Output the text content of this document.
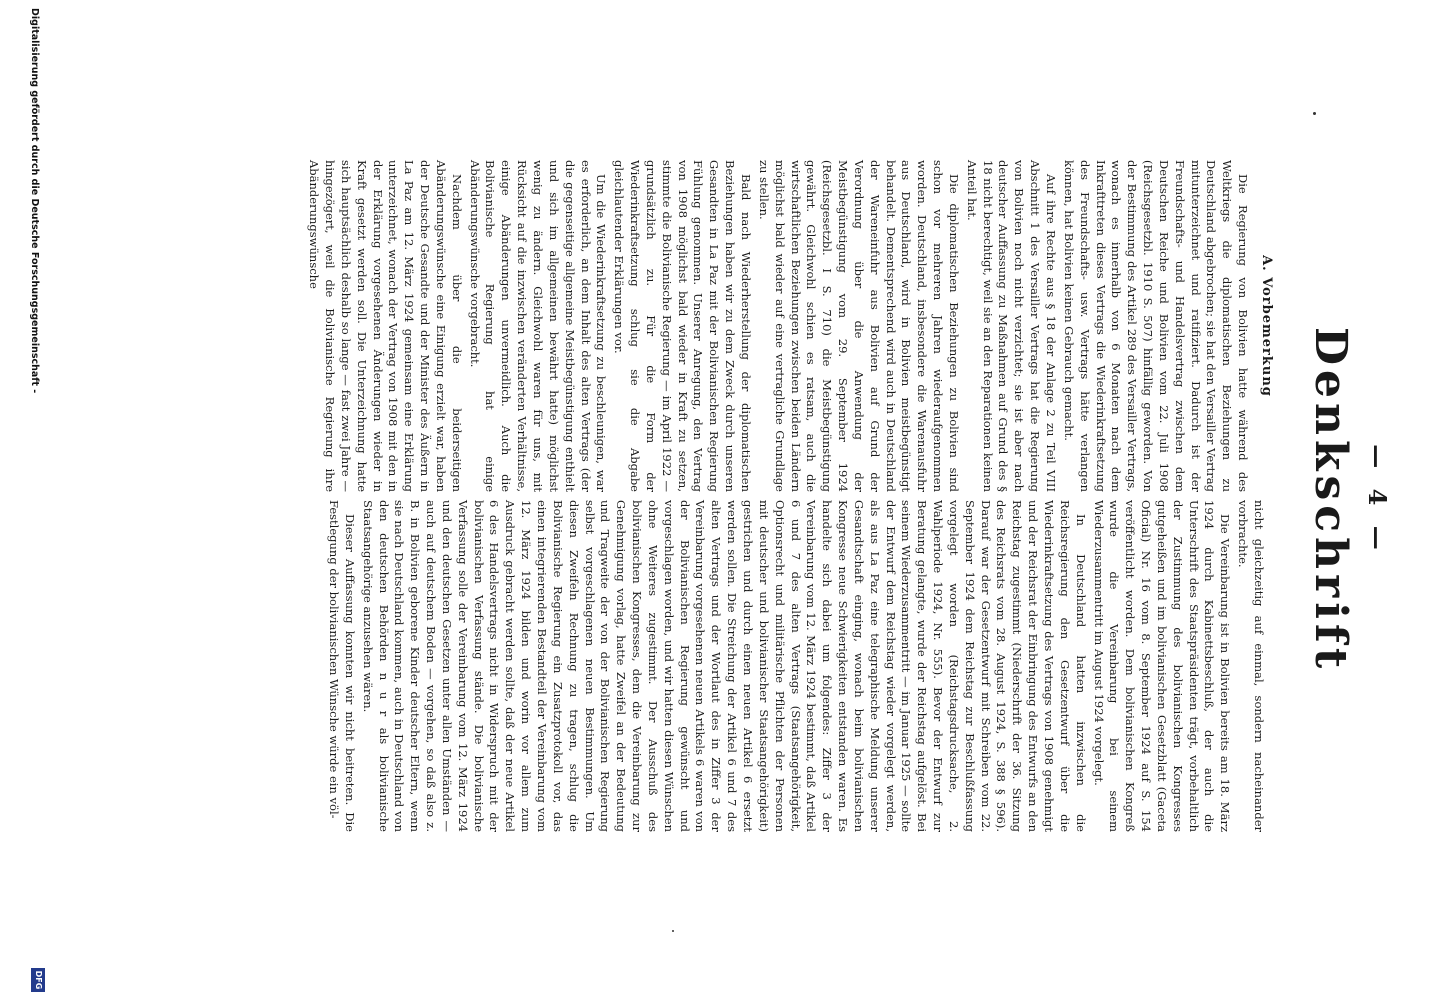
— 4 —
Denkschrift
A. Vorbemerkung

Die Regierung von Bolivien hatte während des Weltkriegs die diplomatischen Beziehungen zu Deutschland abgebrochen; sie hat den Versailler Vertrag mitunterzeichnet und ratifiziert. Dadurch ist der Freundschafts- und Handelsvertrag zwischen dem Deutschen Reiche und Bolivien vom 22. Juli 1908 (Reichsgesetzbl. 1910 S. 507) hinfällig geworden. Von der Bestimmung des Artikel 289 des Versailler Vertrags, wonach es innerhalb von 6 Monaten nach dem Inkrafttreten dieses Vertrags die Wiederinkraftsetzung des Freundschafts- usw. Vertrags hätte verlangen können, hat Bolivien keinen Gebrauch gemacht.

Auf ihre Rechte aus § 18 der Anlage 2 zu Teil VIII Abschnitt 1 des Versailler Vertrags hat die Regierung von Bolivien noch nicht verzichtet; sie ist aber nach deutscher Auffassung zu Maßnahmen auf Grund des § 18 nicht berechtigt, weil sie an den Reparationen keinen Anteil hat.

Die diplomatischen Beziehungen zu Bolivien sind schon vor mehreren Jahren wiederaufgenommen worden. Deutschland, insbesondere die Warenausfuhr aus Deutschland, wird in Bolivien meistbegünstigt behandelt. Dementsprechend wird auch in Deutschland der Wareneinfuhr aus Bolivien auf Grund der Verordnung über die Anwendung der Meistbegünstigung vom 29. September 1924 (Reichsgesetzbl. I S. 710) die Meistbegünstigung gewährt. Gleichwohl schien es ratsam, auch die wirtschaftlichen Beziehungen zwischen beiden Ländern möglichst bald wieder auf eine vertragliche Grundlage zu stellen.

Bald nach Wiederherstellung der diplomatischen Beziehungen haben wir zu dem Zweck durch unseren Gesandten in La Paz mit der Bolivianischen Regierung Fühlung genommen. Unserer Anregung, den Vertrag von 1908 möglichst bald wieder in Kraft zu setzen, stimmte die Bolivianische Regierung — im April 1922 — grundsätzlich zu. Für die Form der Wiederinkraftsetzung schlug sie die Abgabe gleichlautender Erklärungen vor.

Um die Wiederinkraftsetzung zu beschleunigen, war es erforderlich, an dem Inhalt des alten Vertrags (der die gegenseitige allgemeine Meistbegünstigung enthielt und sich im allgemeinen bewährt hatte) möglichst wenig zu ändern. Gleichwohl waren für uns, mit Rücksicht auf die inzwischen veränderten Verhältnisse, einige Abänderungen unvermeidlich. Auch die Bolivianische Regierung hat einige Abänderungswünsche vorgebracht.

Nachdem über die beiderseitigen Abänderungswünsche eine Einigung erzielt war, haben der Deutsche Gesandte und der Minister des Äußern in La Paz am 12. März 1924 gemeinsam eine Erklärung unterzeichnet, wonach der Vertrag von 1908 mit den in der Erklärung vorgesehenen Änderungen wieder in Kraft gesetzt werden soll. Die Unterzeichnung hatte sich hauptsächlich deshalb so lange — fast zwei Jahre — hingezögert, weil die Bolivianische Regierung ihre Abänderungswünsche

nicht gleichzeitig auf einmal, sondern nacheinander vorbrachte.

Die Vereinbarung ist in Bolivien bereits am 18. März 1924 durch Kabinettsbeschluß, der auch die Unterschrift des Staatspräsidenten trägt, vorbehaltlich der Zustimmung des bolivianischen Kongresses gutgeheißen und im bolivianischen Gesetzblatt (Gaceta Oficial) Nr. 16 vom 8. September 1924 auf S. 154 veröffentlicht worden. Dem bolivianischen Kongreß wurde die Vereinbarung bei seinem Wiederzusammentritt im August 1924 vorgelegt.

In Deutschland hatten inzwischen die Reichsregierung den Gesetzentwurf über die Wiederinkraftsetzung des Vertrags von 1908 genehmigt und der Reichsrat der Einbringung des Entwurfs an den Reichstag zugestimmt (Niederschrift der 36. Sitzung des Reichsrats vom 28. August 1924, S. 388 § 596). Darauf war der Gesetzentwurf mit Schreiben vom 22. September 1924 dem Reichstag zur Beschlußfassung vorgelegt worden (Reichstagsdrucksache, 2. Wahlperiode 1924, Nr. 555). Bevor der Entwurf zur Beratung gelangte, wurde der Reichstag aufgelöst. Bei seinem Wiederzusammentritt — im Januar 1925 — sollte der Entwurf dem Reichstag wieder vorgelegt werden, als aus La Paz eine telegraphische Meldung unserer Gesandtschaft einging, wonach beim bolivianischen Kongresse neue Schwierigkeiten entstanden waren. Es handelte sich dabei um folgendes: Ziffer 3 der Vereinbarung vom 12. März 1924 bestimmt, daß Artikel 6 und 7 des alten Vertrags (Staatsangehörigkeit, Optionsrecht und militärische Pflichten der Personen mit deutscher und bolivianischer Staatsangehörigkeit) gestrichen und durch einen neuen Artikel 6 ersetzt werden sollen. Die Streichung der Artikel 6 und 7 des alten Vertrags und der Wortlaut des in Ziffer 3 der Vereinbarung vorgesehenen neuen Artikels 6 waren von der Bolivianischen Regierung gewünscht und vorgeschlagen worden, und wir hatten diesen Wünschen ohne Weiteres zugestimmt. Der Ausschuß des bolivianischen Kongresses, dem die Vereinbarung zur Genehmigung vorlag, hatte Zweifel an der Bedeutung und Tragweite der von der Bolivianischen Regierung selbst vorgeschlagenen neuen Bestimmungen. Um diesen Zweifeln Rechnung zu tragen, schlug die Bolivianische Regierung ein Zusatzprotokoll vor, das einen integrierenden Bestandteil der Vereinbarung vom 12. März 1924 bilden und worin vor allem zum Ausdruck gebracht werden sollte, daß der neue Artikel 6 des Handelsvertrags nicht in Widerspruch mit der bolivianischen Verfassung stände. Die bolivianische Verfassung solle der Vereinbarung vom 12. März 1924 und den deutschen Gesetzen unter allen Umständen — auch auf deutschem Boden — vorgehen, so daß also z. B. in Bolivien geborene Kinder deutscher Eltern, wenn sie nach Deutschland kommen, auch in Deutschland von den deutschen Behörden n u r als bolivianische Staatsangehörige anzusehen wären.

Dieser Auffassung konnten wir nicht beitreten. Die Festlegung der bolivianischen Wünsche würde ein völ-

Digitalisierung gefördert durch die Deutsche Forschungsgemeinschaft -
DFG
